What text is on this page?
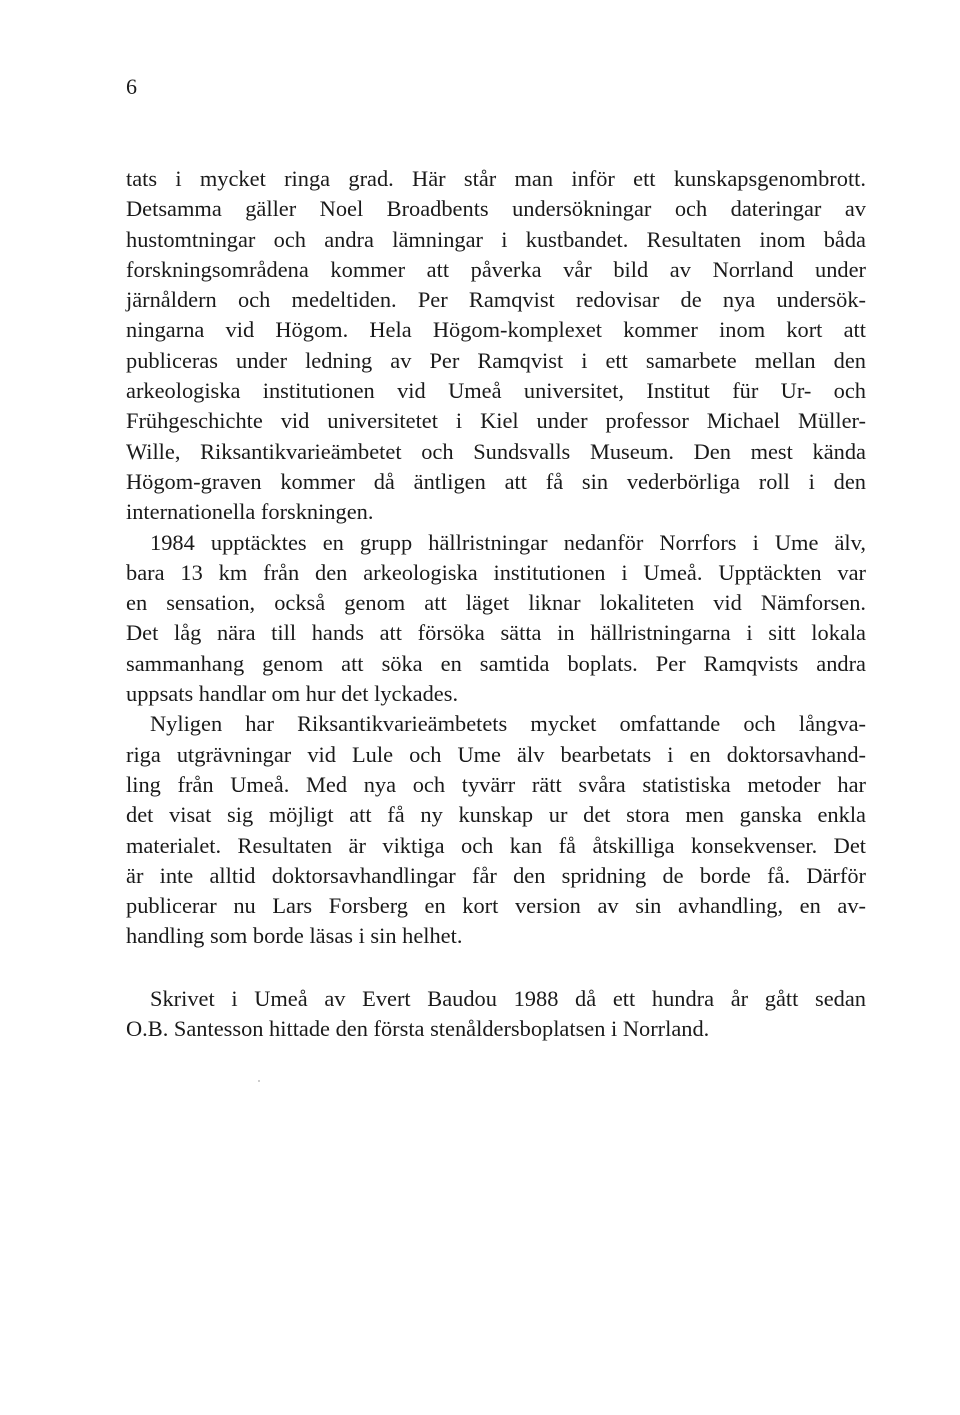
6
tats i mycket ringa grad. Här står man inför ett kunskapsgenombrott.
Detsamma gäller Noel Broadbents undersökningar och dateringar av
hustomtningar och andra lämningar i kustbandet. Resultaten inom båda
forskningsområdena kommer att påverka vår bild av Norrland under
järnåldern och medeltiden. Per Ramqvist redovisar de nya undersök-
ningarna vid Högom. Hela Högom-komplexet kommer inom kort att
publiceras under ledning av Per Ramqvist i ett samarbete mellan den
arkeologiska institutionen vid Umeå universitet, Institut für Ur- och
Frühgeschichte vid universitetet i Kiel under professor Michael Müller-
Wille, Riksantikvarieämbetet och Sundsvalls Museum. Den mest kända
Högom-graven kommer då äntligen att få sin vederbörliga roll i den
internationella forskningen.
1984 upptäcktes en grupp hällristningar nedanför Norrfors i Ume älv,
bara 13 km från den arkeologiska institutionen i Umeå. Upptäckten var
en sensation, också genom att läget liknar lokaliteten vid Nämforsen.
Det låg nära till hands att försöka sätta in hällristningarna i sitt lokala
sammanhang genom att söka en samtida boplats. Per Ramqvists andra
uppsats handlar om hur det lyckades.
Nyligen har Riksantikvarieämbetets mycket omfattande och långva-
riga utgrävningar vid Lule och Ume älv bearbetats i en doktorsavhand-
ling från Umeå. Med nya och tyvärr rätt svåra statistiska metoder har
det visat sig möjligt att få ny kunskap ur det stora men ganska enkla
materialet. Resultaten är viktiga och kan få åtskilliga konsekvenser. Det
är inte alltid doktorsavhandlingar får den spridning de borde få. Därför
publicerar nu Lars Forsberg en kort version av sin avhandling, en av-
handling som borde läsas i sin helhet.
Skrivet i Umeå av Evert Baudou 1988 då ett hundra år gått sedan
O.B. Santesson hittade den första stenåldersboplatsen i Norrland.
